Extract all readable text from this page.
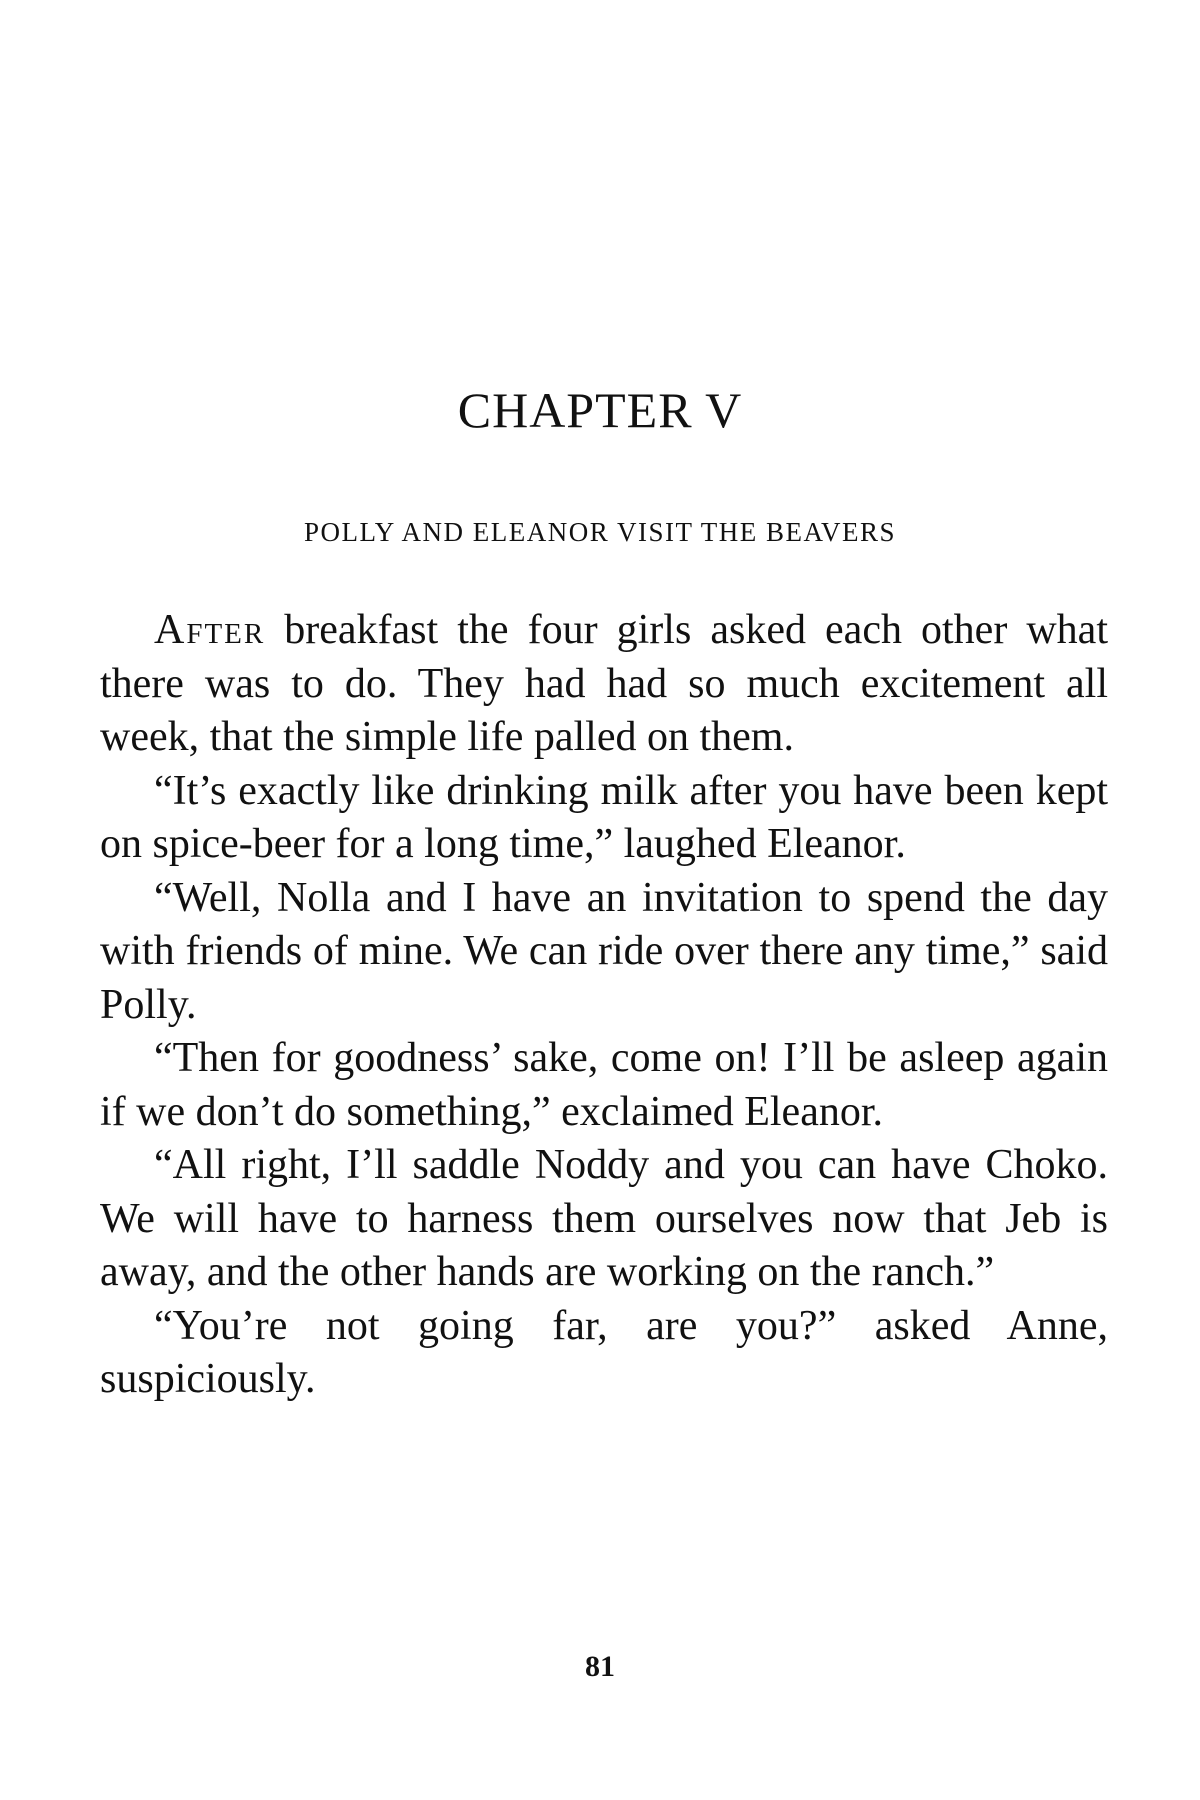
CHAPTER V
POLLY AND ELEANOR VISIT THE BEAVERS

After breakfast the four girls asked each other what there was to do. They had had so much excitement all week, that the simple life palled on them.

“It’s exactly like drinking milk after you have been kept on spice-beer for a long time,” laughed Eleanor.

“Well, Nolla and I have an invitation to spend the day with friends of mine. We can ride over there any time,” said Polly.

“Then for goodness’ sake, come on! I’ll be asleep again if we don’t do something,” exclaimed Eleanor.

“All right, I’ll saddle Noddy and you can have Choko. We will have to harness them ourselves now that Jeb is away, and the other hands are working on the ranch.”

“You’re not going far, are you?” asked Anne, suspiciously.

81
